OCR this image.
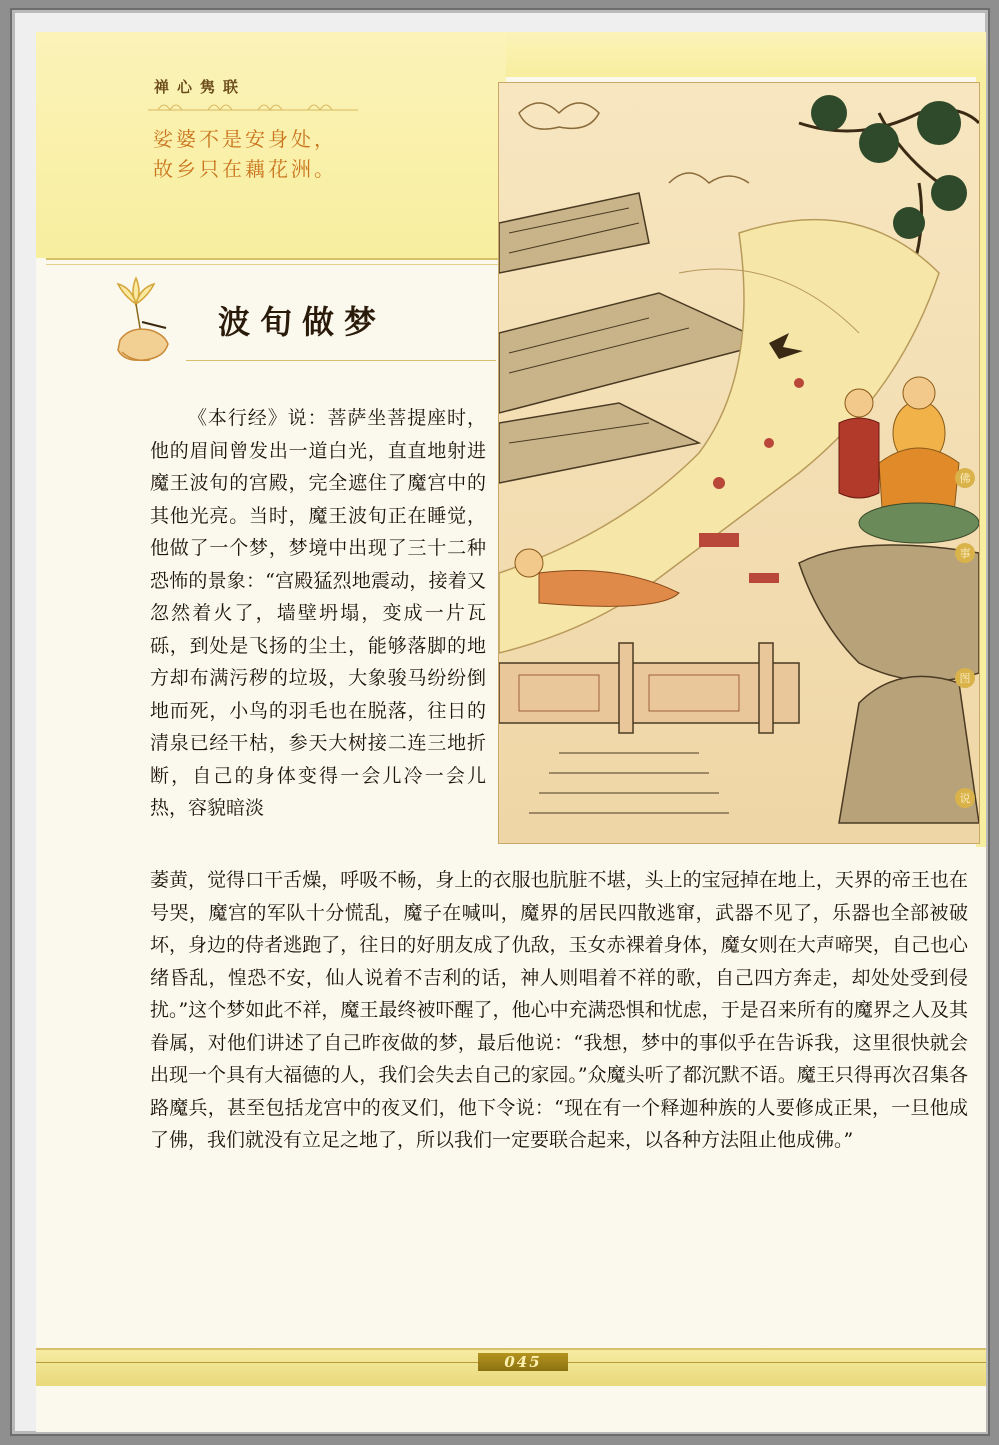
禅心隽联
娑婆不是安身处，
故乡只在藕花洲。
波旬做梦
佛
事
图
说
《本行经》说：菩萨坐菩提座时，他的眉间曾发出一道白光，直直地射进魔王波旬的宫殿，完全遮住了魔宫中的其他光亮。当时，魔王波旬正在睡觉，他做了一个梦，梦境中出现了三十二种恐怖的景象：“宫殿猛烈地震动，接着又忽然着火了，墙壁坍塌，变成一片瓦砾，到处是飞扬的尘土，能够落脚的地方却布满污秽的垃圾，大象骏马纷纷倒地而死，小鸟的羽毛也在脱落，往日的清泉已经干枯，参天大树接二连三地折断，自己的身体变得一会儿冷一会儿热，容貌暗淡
萎黄，觉得口干舌燥，呼吸不畅，身上的衣服也肮脏不堪，头上的宝冠掉在地上，天界的帝王也在号哭，魔宫的军队十分慌乱，魔子在喊叫，魔界的居民四散逃窜，武器不见了，乐器也全部被破坏，身边的侍者逃跑了，往日的好朋友成了仇敌，玉女赤裸着身体，魔女则在大声啼哭，自己也心绪昏乱，惶恐不安，仙人说着不吉利的话，神人则唱着不祥的歌，自己四方奔走，却处处受到侵扰。”这个梦如此不祥，魔王最终被吓醒了，他心中充满恐惧和忧虑，于是召来所有的魔界之人及其眷属，对他们讲述了自己昨夜做的梦，最后他说：“我想，梦中的事似乎在告诉我，这里很快就会出现一个具有大福德的人，我们会失去自己的家园。”众魔头听了都沉默不语。魔王只得再次召集各路魔兵，甚至包括龙宫中的夜叉们，他下令说：“现在有一个释迦种族的人要修成正果，一旦他成了佛，我们就没有立足之地了，所以我们一定要联合起来，以各种方法阻止他成佛。”
045
